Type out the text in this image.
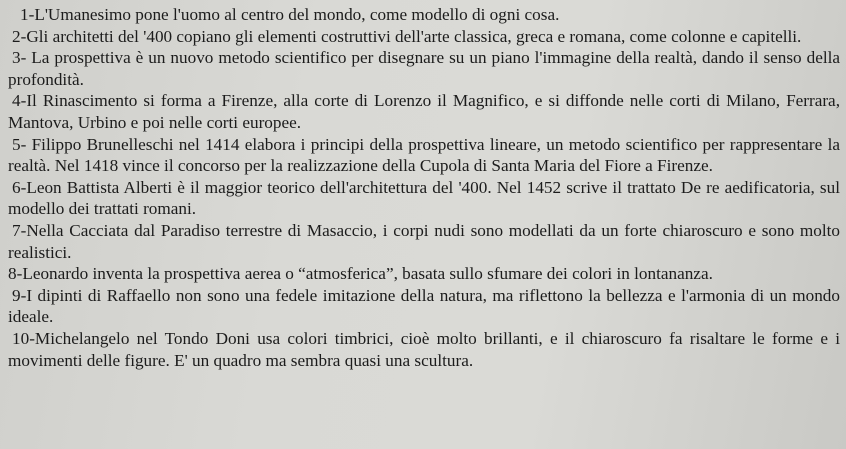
1-L'Umanesimo pone l'uomo al centro del mondo, come modello di ogni cosa.

2-Gli architetti del '400 copiano gli elementi costruttivi dell'arte classica, greca e romana, come colonne e capitelli.

3- La prospettiva è un nuovo metodo scientifico per disegnare su un piano l'immagine della realtà, dando il senso della profondità.

4-Il Rinascimento si forma a Firenze, alla corte di Lorenzo il Magnifico, e si diffonde nelle corti di Milano, Ferrara, Mantova, Urbino e poi nelle corti europee.

5- Filippo Brunelleschi nel 1414 elabora i principi della prospettiva lineare, un metodo scientifico per rappresentare la realtà. Nel 1418 vince il concorso per la realizzazione della Cupola di Santa Maria del Fiore a Firenze.

6-Leon Battista Alberti è il maggior teorico dell'architettura del '400. Nel 1452 scrive il trattato De re aedificatoria, sul modello dei trattati romani.

7-Nella Cacciata dal Paradiso terrestre di Masaccio, i corpi nudi sono modellati da un forte chiaroscuro e sono molto realistici.

8-Leonardo inventa la prospettiva aerea o “atmosferica”, basata sullo sfumare dei colori in lontananza.

9-I dipinti di Raffaello non sono una fedele imitazione della natura, ma riflettono la bellezza e l'armonia di un mondo ideale.

10-Michelangelo nel Tondo Doni usa colori timbrici, cioè molto brillanti, e il chiaroscuro fa risaltare le forme e i movimenti delle figure. E' un quadro ma sembra quasi una scultura.
